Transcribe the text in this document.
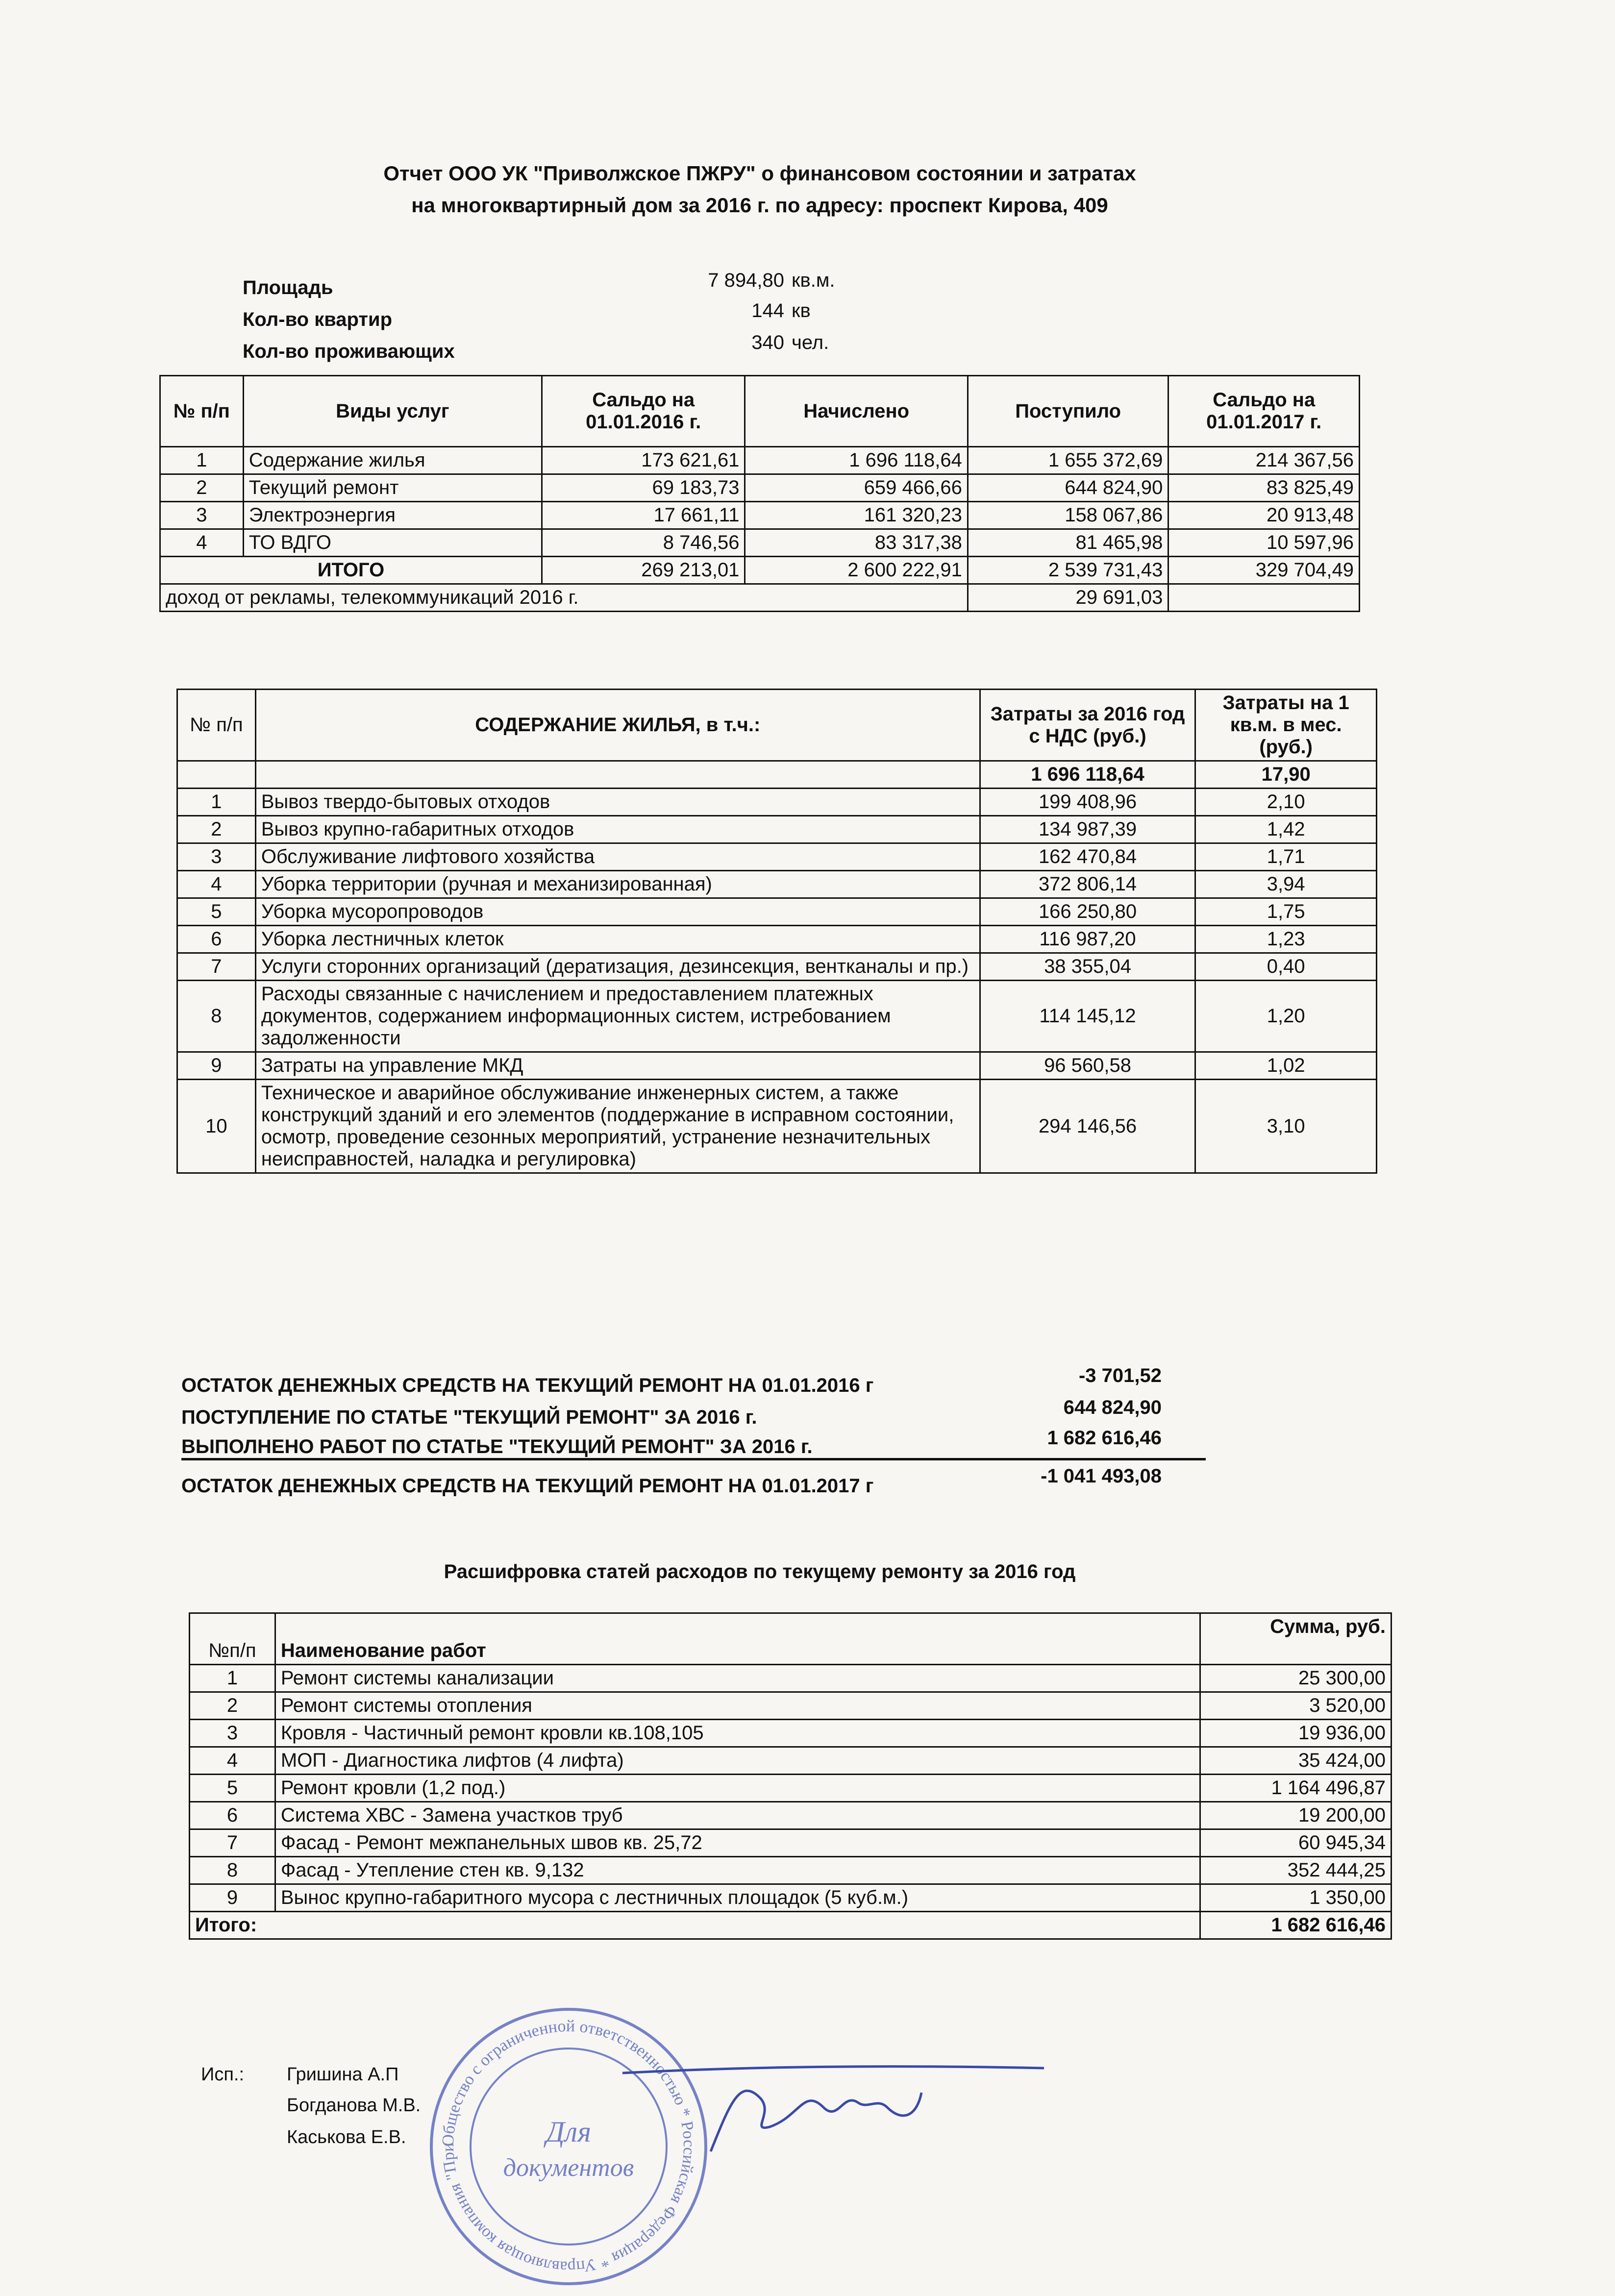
Отчет ООО УК "Приволжское ПЖРУ" о финансовом состоянии и затратах
на многоквартирный дом за 2016 г. по адресу: проспект Кирова, 409
Площадь	7 894,80 кв.м.
Кол-во квартир	144 кв
Кол-во проживающих	340 чел.
№ п/п	Виды услуг	Сальдо на 01.01.2016 г.	Начислено	Поступило	Сальдо на 01.01.2017 г.
1	Содержание жилья	173 621,61	1 696 118,64	1 655 372,69	214 367,56
2	Текущий ремонт	69 183,73	659 466,66	644 824,90	83 825,49
3	Электроэнергия	17 661,11	161 320,23	158 067,86	20 913,48
4	ТО ВДГО	8 746,56	83 317,38	81 465,98	10 597,96
ИТОГО		269 213,01	2 600 222,91	2 539 731,43	329 704,49
доход от рекламы, телекоммуникаций 2016 г.				29 691,03	
№ п/п	СОДЕРЖАНИЕ ЖИЛЬЯ, в т.ч.:	Затраты за 2016 год с НДС (руб.)	Затраты на 1 кв.м. в мес. (руб.)
		1 696 118,64	17,90
1	Вывоз твердо-бытовых отходов	199 408,96	2,10
2	Вывоз крупно-габаритных отходов	134 987,39	1,42
3	Обслуживание лифтового хозяйства	162 470,84	1,71
4	Уборка территории (ручная и механизированная)	372 806,14	3,94
5	Уборка мусоропроводов	166 250,80	1,75
6	Уборка лестничных клеток	116 987,20	1,23
7	Услуги сторонних организаций (дератизация, дезинсекция, вентканалы и пр.)	38 355,04	0,40
8	Расходы связанные с начислением и предоставлением платежных документов, содержанием информационных систем, истребованием задолженности	114 145,12	1,20
9	Затраты на управление МКД	96 560,58	1,02
10	Техническое и аварийное обслуживание инженерных систем, а также конструкций зданий и его элементов (поддержание в исправном состоянии, осмотр, проведение сезонных мероприятий, устранение незначительных неисправностей, наладка и регулировка)	294 146,56	3,10
ОСТАТОК ДЕНЕЖНЫХ СРЕДСТВ НА ТЕКУЩИЙ РЕМОНТ НА 01.01.2016 г	-3 701,52
ПОСТУПЛЕНИЕ ПО СТАТЬЕ "ТЕКУЩИЙ РЕМОНТ" ЗА 2016 г.	644 824,90
ВЫПОЛНЕНО РАБОТ ПО СТАТЬЕ "ТЕКУЩИЙ РЕМОНТ" ЗА 2016 г.	1 682 616,46
ОСТАТОК ДЕНЕЖНЫХ СРЕДСТВ НА ТЕКУЩИЙ РЕМОНТ НА 01.01.2017 г	-1 041 493,08
Расшифровка статей расходов по текущему ремонту за 2016 год
№п/п	Наименование работ	Сумма, руб.
1	Ремонт системы канализации	25 300,00
2	Ремонт системы отопления	3 520,00
3	Кровля - Частичный ремонт кровли кв.108,105	19 936,00
4	МОП - Диагностика лифтов (4 лифта)	35 424,00
5	Ремонт кровли (1,2 под.)	1 164 496,87
6	Система ХВС - Замена участков труб	19 200,00
7	Фасад - Ремонт межпанельных швов кв. 25,72	60 945,34
8	Фасад - Утепление стен кв. 9,132	352 444,25
9	Вынос крупно-габаритного мусора с лестничных площадок (5 куб.м.)	1 350,00
Итого:		1 682 616,46
Исп.: Гришина А.П
Богданова М.В.
Каськова Е.В.	Общество с ограниченной ответственностью * Российская Федерация * Управляющая компания "При	Для
документов
